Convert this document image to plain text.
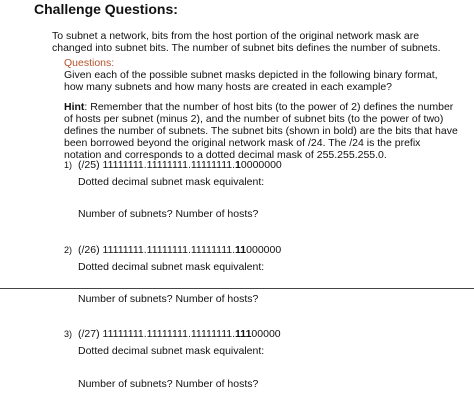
Challenge Questions:
To subnet a network, bits from the host portion of the original network mask are changed into subnet bits. The number of subnet bits defines the number of subnets.
Questions:
Given each of the possible subnet masks depicted in the following binary format, how many subnets and how many hosts are created in each example?
Hint: Remember that the number of host bits (to the power of 2) defines the number of hosts per subnet (minus 2), and the number of subnet bits (to the power of two) defines the number of subnets. The subnet bits (shown in bold) are the bits that have been borrowed beyond the original network mask of /24. The /24 is the prefix notation and corresponds to a dotted decimal mask of 255.255.255.0.
1) (/25) 11111111.11111111.11111111.10000000
Dotted decimal subnet mask equivalent:
Number of subnets? Number of hosts?
2) (/26) 11111111.11111111.11111111.11000000
Dotted decimal subnet mask equivalent:
Number of subnets? Number of hosts?
3) (/27) 11111111.11111111.11111111.11100000
Dotted decimal subnet mask equivalent:
Number of subnets? Number of hosts?
